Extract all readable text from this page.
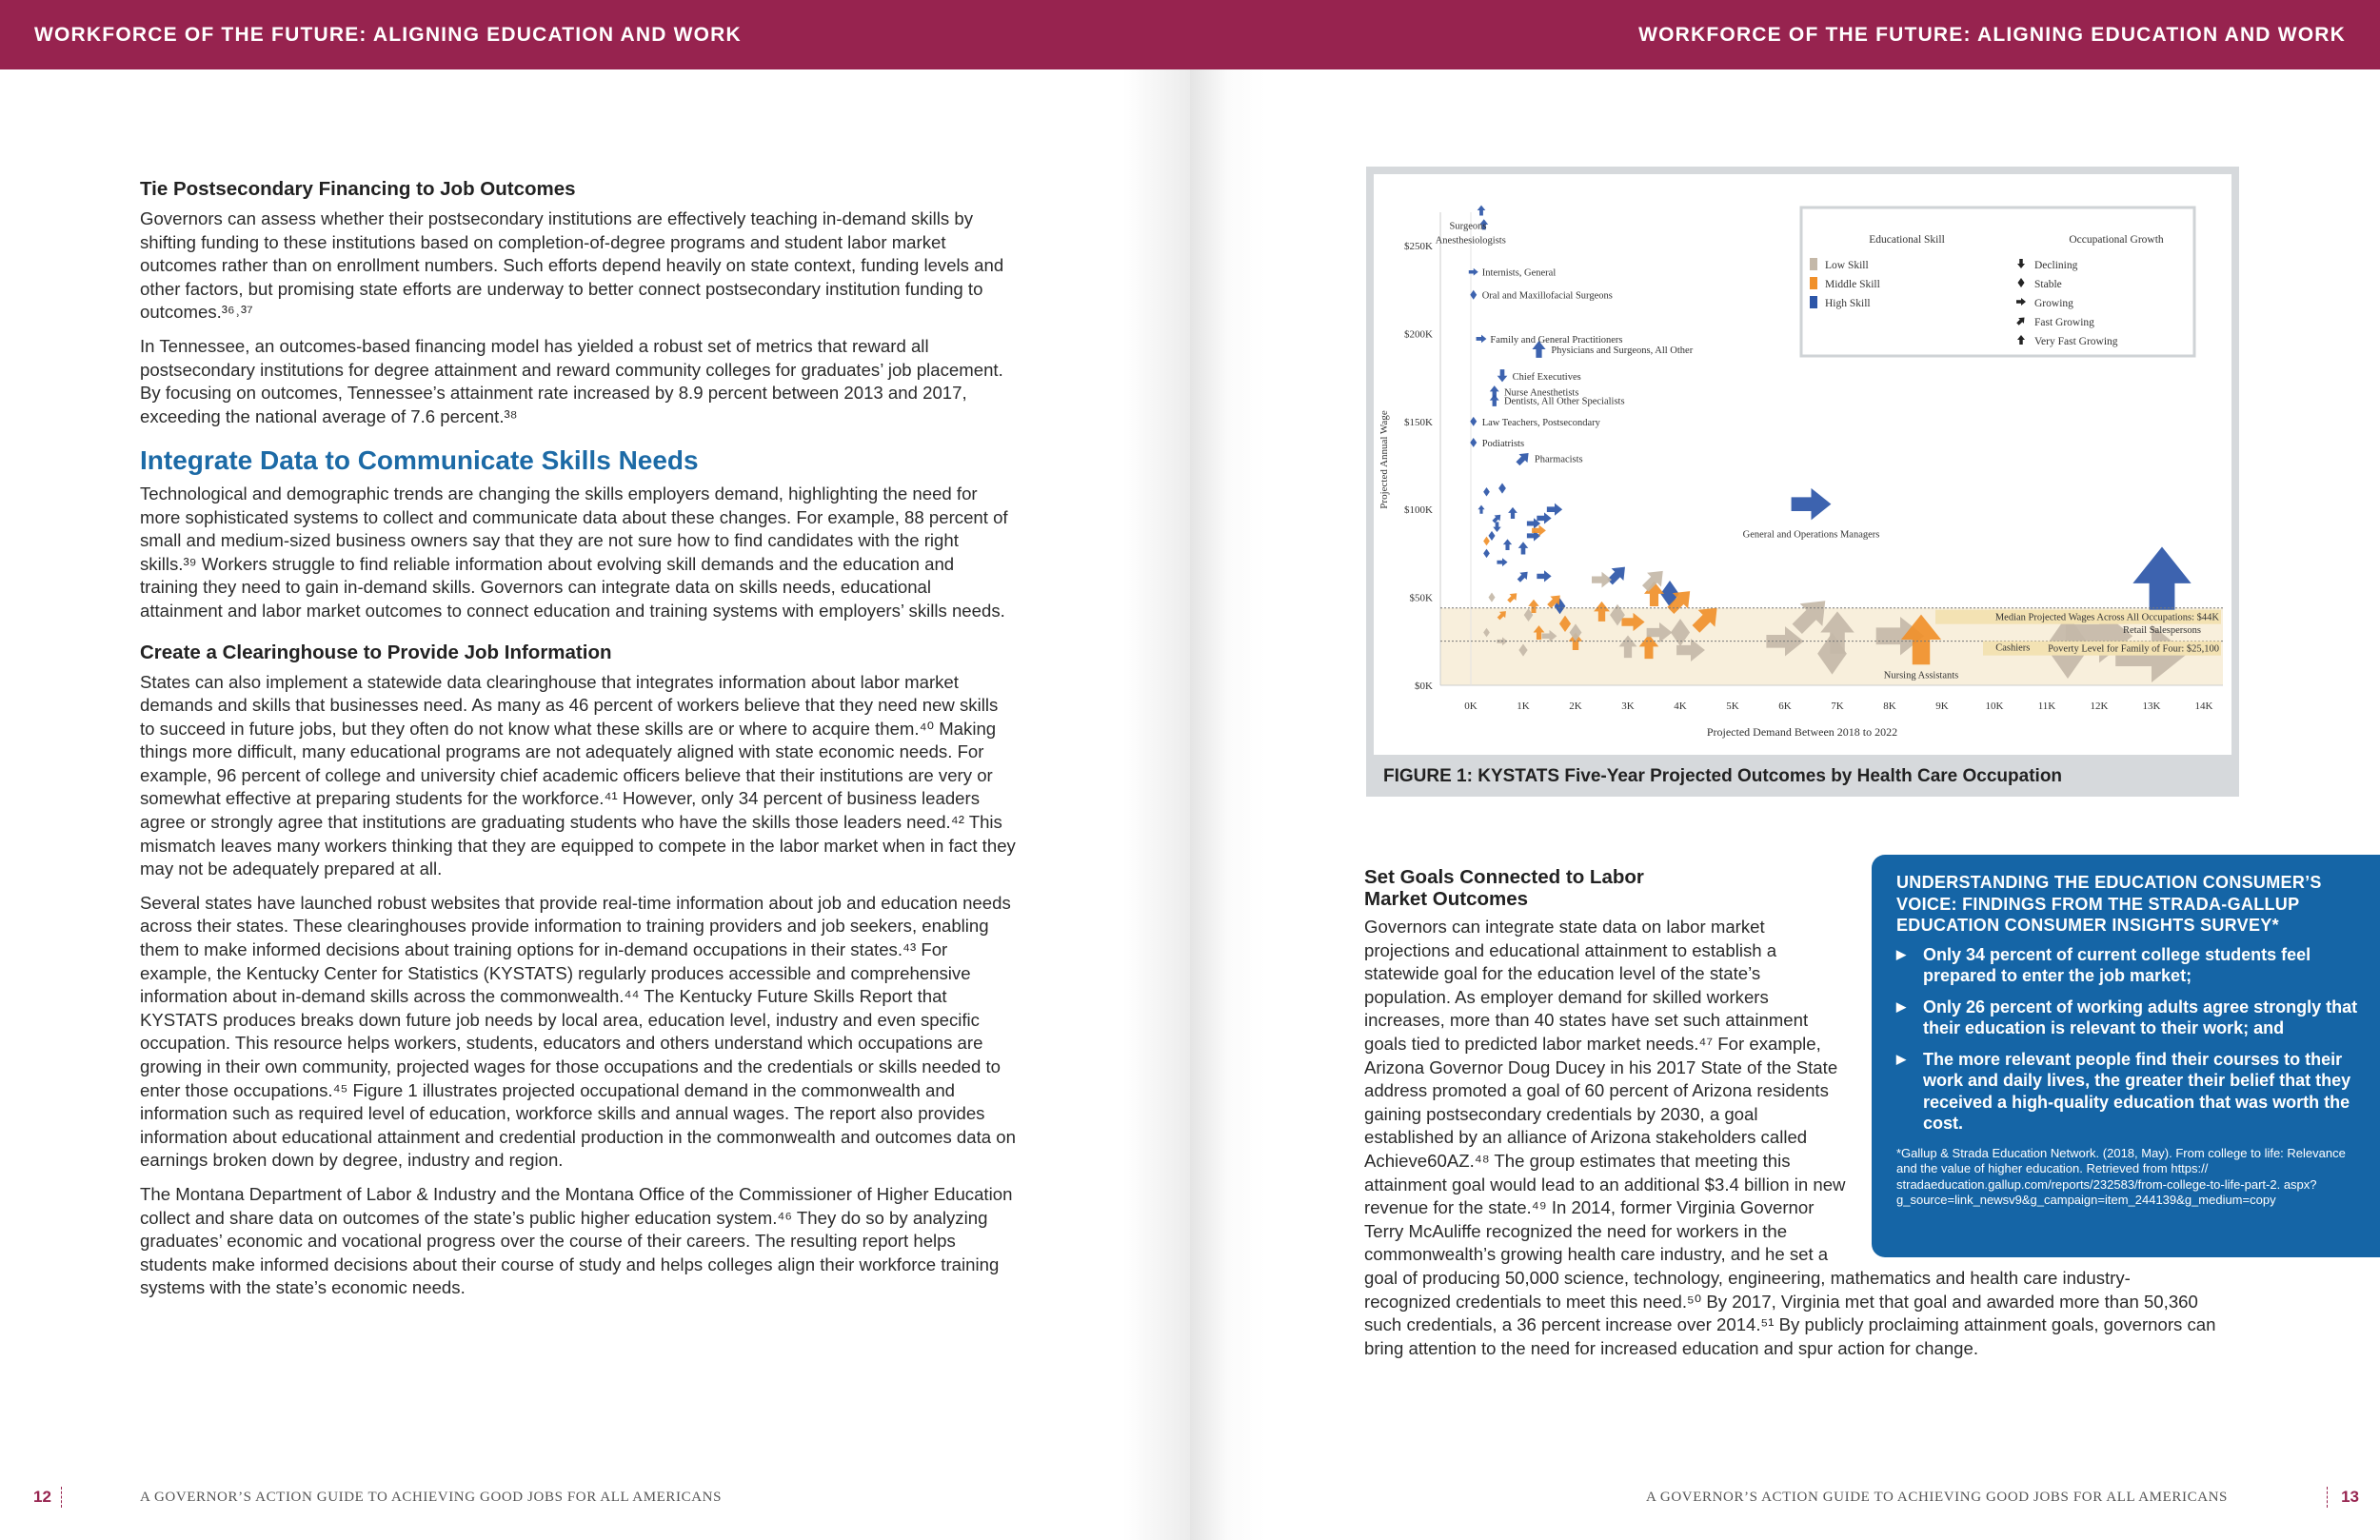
WORKFORCE OF THE FUTURE: ALIGNING EDUCATION AND WORK
Tie Postsecondary Financing to Job Outcomes

Governors can assess whether their postsecondary institutions are effectively teaching in-demand skills by shifting funding to these institutions based on completion-of-degree programs and student labor market outcomes rather than on enrollment numbers. Such efforts depend heavily on state context, funding levels and other factors, but promising state efforts are underway to better connect postsecondary institution funding to outcomes.³⁶˒³⁷

In Tennessee, an outcomes-based financing model has yielded a robust set of metrics that reward all postsecondary institutions for degree attainment and reward community colleges for graduates’ job placement. By focusing on outcomes, Tennessee’s attainment rate increased by 8.9 percent between 2013 and 2017, exceeding the national average of 7.6 percent.³⁸

Integrate Data to Communicate Skills Needs

Technological and demographic trends are changing the skills employers demand, highlighting the need for more sophisticated systems to collect and communicate data about these changes. For example, 88 percent of small and medium-sized business owners say that they are not sure how to find candidates with the right skills.³⁹ Workers struggle to find reliable information about evolving skill demands and the education and training they need to gain in-demand skills. Governors can integrate data on skills needs, educational attainment and labor market outcomes to connect education and training systems with employers’ skills needs.

Create a Clearinghouse to Provide Job Information

States can also implement a statewide data clearinghouse that integrates information about labor market demands and skills that businesses need. As many as 46 percent of workers believe that they need new skills to succeed in future jobs, but they often do not know what these skills are or where to acquire them.⁴⁰ Making things more difficult, many educational programs are not adequately aligned with state economic needs. For example, 96 percent of college and university chief academic officers believe that their institutions are very or somewhat effective at preparing students for the workforce.⁴¹ However, only 34 percent of business leaders agree or strongly agree that institutions are graduating students who have the skills those leaders need.⁴² This mismatch leaves many workers thinking that they are equipped to compete in the labor market when in fact they may not be adequately prepared at all.

Several states have launched robust websites that provide real-time information about job and education needs across their states. These clearinghouses provide information to training providers and job seekers, enabling them to make informed decisions about training options for in-demand occupations in their states.⁴³ For example, the Kentucky Center for Statistics (KYSTATS) regularly produces accessible and comprehensive information about in-demand skills across the commonwealth.⁴⁴ The Kentucky Future Skills Report that KYSTATS produces breaks down future job needs by local area, education level, industry and even specific occupation. This resource helps workers, students, educators and others understand which occupations are growing in their own community, projected wages for those occupations and the credentials or skills needed to enter those occupations.⁴⁵ Figure 1 illustrates projected occupational demand in the commonwealth and information such as required level of education, workforce skills and annual wages. The report also provides information about educational attainment and credential production in the commonwealth and outcomes data on earnings broken down by degree, industry and region.

The Montana Department of Labor & Industry and the Montana Office of the Commissioner of Higher Education collect and share data on outcomes of the state’s public higher education system.⁴⁶ They do so by analyzing graduates’ economic and vocational progress over the course of their careers. The resulting report helps students make informed decisions about their course of study and helps colleges align their workforce training systems with the state’s economic needs.

12	A GOVERNOR’S ACTION GUIDE TO ACHIEVING GOOD JOBS FOR ALL AMERICANS
WORKFORCE OF THE FUTURE: ALIGNING EDUCATION AND WORK
A GOVERNOR’S ACTION GUIDE TO ACHIEVING GOOD JOBS FOR ALL AMERICANS	13
$0K
$50K
$100K
$150K
$200K
$250K
0K	1K	2K	3K	4K	5K	6K	7K	8K	9K	10K	11K	12K	13K	14K
Projected Demand Between 2018 to 2022
Projected Annual Wage
Median Projected Wages Across All Occupations: $44K
Poverty Level for Family of Four: $25,100
Surgeons
Anesthesiologists
Internists, General
Oral and Maxillofacial Surgeons
Family and General Practitioners
Physicians and Surgeons, All Other
Chief Executives
Nurse Anesthetists
Dentists, All Other Specialists
Law Teachers, Postsecondary
Podiatrists
Pharmacists
General and Operations Managers
Retail Salespersons
Nursing Assistants
Cashiers
Educational Skill	Occupational Growth
Low Skill
Middle Skill
High Skill
Declining
Stable
Growing
Fast Growing
Very Fast Growing
FIGURE 1: KYSTATS Five-Year Projected Outcomes by Health Care Occupation
UNDERSTANDING THE EDUCATION CONSUMER’S VOICE: FINDINGS FROM THE STRADA-GALLUP EDUCATION CONSUMER INSIGHTS SURVEY*
▶ Only 34 percent of current college students feel prepared to enter the job market;
▶ Only 26 percent of working adults agree strongly that their education is relevant to their work; and
▶ The more relevant people find their courses to their work and daily lives, the greater their belief that they received a high-quality education that was worth the cost.
*Gallup & Strada Education Network. (2018, May). From college to life: Relevance and the value of higher education. Retrieved from https:// stradaeducation.gallup.com/reports/232583/from-college-to-life-part-2. aspx?g_source=link_newsv9&g_campaign=item_244139&g_medium=copy
Set Goals Connected to Labor Market Outcomes

Governors can integrate state data on labor market projections and educational attainment to establish a statewide goal for the education level of the state’s population. As employer demand for skilled workers increases, more than 40 states have set such attainment goals tied to predicted labor market needs.⁴⁷ For example, Arizona Governor Doug Ducey in his 2017 State of the State address promoted a goal of 60 percent of Arizona residents gaining postsecondary credentials by 2030, a goal established by an alliance of Arizona stakeholders called Achieve60AZ.⁴⁸ The group estimates that meeting this attainment goal would lead to an additional $3.4 billion in new revenue for the state.⁴⁹ In 2014, former Virginia Governor Terry McAuliffe recognized the need for workers in the commonwealth’s growing health care industry, and he set a goal of producing 50,000 science, technology, engineering, mathematics and health care industry-recognized credentials to meet this need.⁵⁰ By 2017, Virginia met that goal and awarded more than 50,360 such credentials, a 36 percent increase over 2014.⁵¹ By publicly proclaiming attainment goals, governors can bring attention to the need for increased education and spur action for change.
